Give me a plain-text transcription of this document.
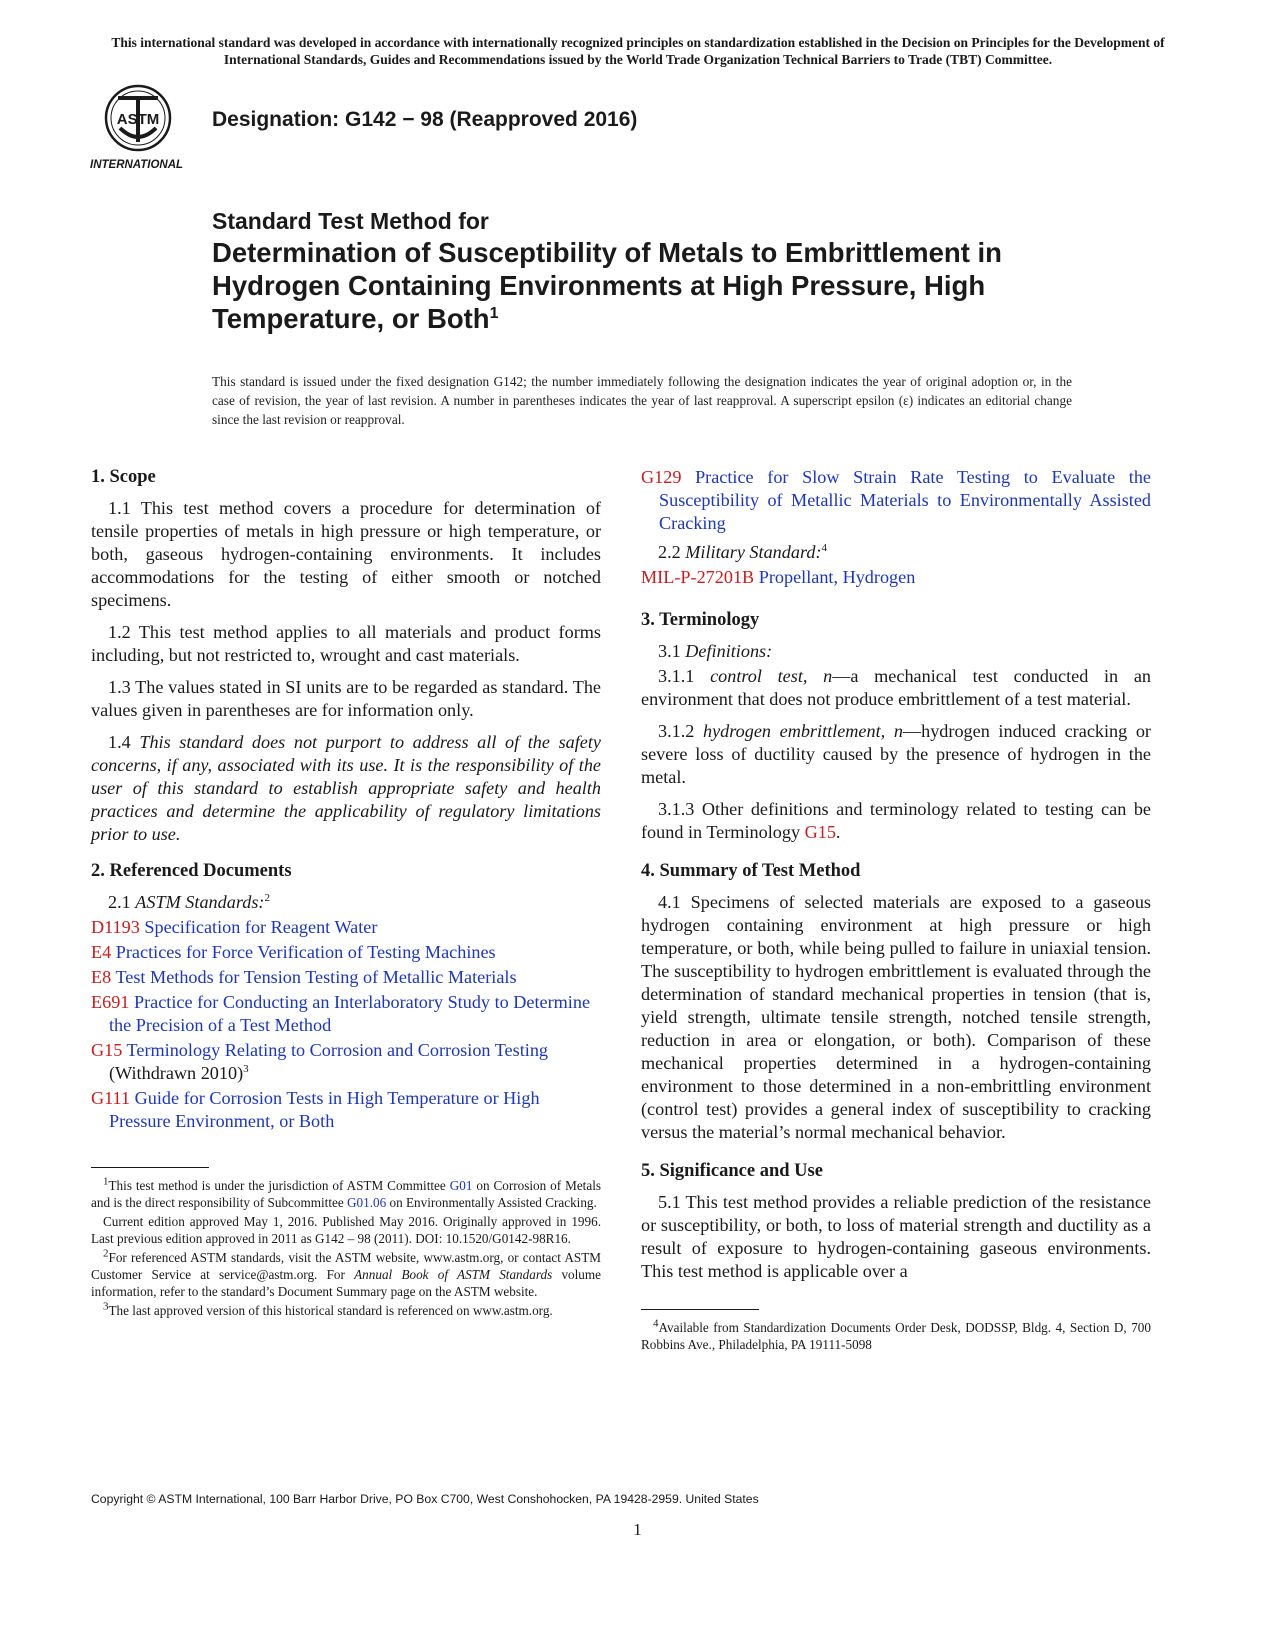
This international standard was developed in accordance with internationally recognized principles on standardization established in the Decision on Principles for the Development of International Standards, Guides and Recommendations issued by the World Trade Organization Technical Barriers to Trade (TBT) Committee.
ASTM
INTERNATIONAL
Designation: G142 − 98 (Reapproved 2016)
Standard Test Method for
Determination of Susceptibility of Metals to Embrittlement in Hydrogen Containing Environments at High Pressure, High Temperature, or Both$^1$
This standard is issued under the fixed designation G142; the number immediately following the designation indicates the year of original adoption or, in the case of revision, the year of last revision. A number in parentheses indicates the year of last reapproval. A superscript epsilon (ε) indicates an editorial change since the last revision or reapproval.

1. Scope

1.1 This test method covers a procedure for determination of tensile properties of metals in high pressure or high temperature, or both, gaseous hydrogen-containing environments. It includes accommodations for the testing of either smooth or notched specimens.

1.2 This test method applies to all materials and product forms including, but not restricted to, wrought and cast materials.

1.3 The values stated in SI units are to be regarded as standard. The values given in parentheses are for information only.

1.4 This standard does not purport to address all of the safety concerns, if any, associated with its use. It is the responsibility of the user of this standard to establish appropriate safety and health practices and determine the applicability of regulatory limitations prior to use.

2. Referenced Documents

2.1 ASTM Standards:$^2$

D1193 Specification for Reagent Water

E4 Practices for Force Verification of Testing Machines

E8 Test Methods for Tension Testing of Metallic Materials

E691 Practice for Conducting an Interlaboratory Study to Determine the Precision of a Test Method

G15 Terminology Relating to Corrosion and Corrosion Testing (Withdrawn 2010)$^3$

G111 Guide for Corrosion Tests in High Temperature or High Pressure Environment, or Both

$^1$This test method is under the jurisdiction of ASTM Committee G01 on Corrosion of Metals and is the direct responsibility of Subcommittee G01.06 on Environmentally Assisted Cracking.

Current edition approved May 1, 2016. Published May 2016. Originally approved in 1996. Last previous edition approved in 2011 as G142 – 98 (2011). DOI: 10.1520/G0142-98R16.

$^2$For referenced ASTM standards, visit the ASTM website, www.astm.org, or contact ASTM Customer Service at service@astm.org. For Annual Book of ASTM Standards volume information, refer to the standard’s Document Summary page on the ASTM website.

$^3$The last approved version of this historical standard is referenced on www.astm.org.

G129 Practice for Slow Strain Rate Testing to Evaluate the Susceptibility of Metallic Materials to Environmentally Assisted Cracking

2.2 Military Standard:$^4$

MIL-P-27201B Propellant, Hydrogen

3. Terminology

3.1 Definitions:

3.1.1 control test, n—a mechanical test conducted in an environment that does not produce embrittlement of a test material.

3.1.2 hydrogen embrittlement, n—hydrogen induced cracking or severe loss of ductility caused by the presence of hydrogen in the metal.

3.1.3 Other definitions and terminology related to testing can be found in Terminology G15.

4. Summary of Test Method

4.1 Specimens of selected materials are exposed to a gaseous hydrogen containing environment at high pressure or high temperature, or both, while being pulled to failure in uniaxial tension. The susceptibility to hydrogen embrittlement is evaluated through the determination of standard mechanical properties in tension (that is, yield strength, ultimate tensile strength, notched tensile strength, reduction in area or elongation, or both). Comparison of these mechanical properties determined in a hydrogen-containing environment to those determined in a non-embrittling environment (control test) provides a general index of susceptibility to cracking versus the material’s normal mechanical behavior.

5. Significance and Use

5.1 This test method provides a reliable prediction of the resistance or susceptibility, or both, to loss of material strength and ductility as a result of exposure to hydrogen-containing gaseous environments. This test method is applicable over a

$^4$Available from Standardization Documents Order Desk, DODSSP, Bldg. 4, Section D, 700 Robbins Ave., Philadelphia, PA 19111-5098

Copyright © ASTM International, 100 Barr Harbor Drive, PO Box C700, West Conshohocken, PA 19428-2959. United States
1
